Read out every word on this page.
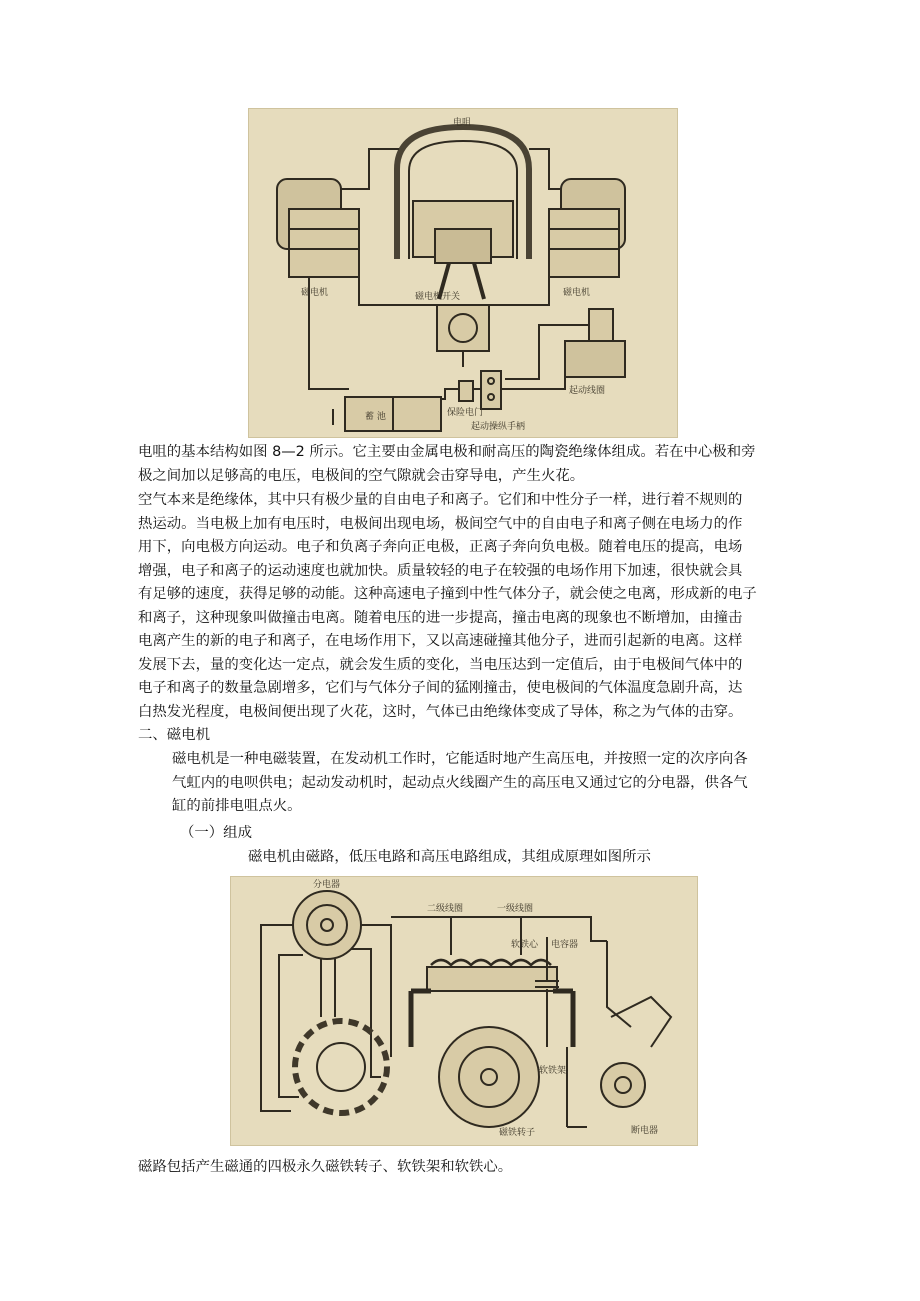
电咀
磁电机	磁电机开关	磁电机
起动线圈
蓄 池	保险电门
起动操纵手柄

电咀的基本结构如图 8—2 所示。它主要由金属电极和耐高压的陶瓷绝缘体组成。若在中心极和旁
极之间加以足够高的电压，电极间的空气隙就会击穿导电，产生火花。

空气本来是绝缘体，其中只有极少量的自由电子和离子。它们和中性分子一样，进行着不规则的
热运动。当电极上加有电压时，电极间出现电场，极间空气中的自由电子和离子侧在电场力的作
用下，向电极方向运动。电子和负离子奔向正电极，正离子奔向负电极。随着电压的提高，电场
增强，电子和离子的运动速度也就加快。质量较轻的电子在较强的电场作用下加速，很快就会具
有足够的速度，获得足够的动能。这种高速电子撞到中性气体分子，就会使之电离，形成新的电子
和离子，这种现象叫做撞击电离。随着电压的进一步提高，撞击电离的现象也不断增加，由撞击
电离产生的新的电子和离子，在电场作用下，又以高速碰撞其他分子，进而引起新的电离。这样
发展下去，量的变化达一定点，就会发生质的变化，当电压达到一定值后，由于电极间气体中的
电子和离子的数量急剧增多，它们与气体分子间的猛刚撞击，使电极间的气体温度急剧升高，达
白热发光程度，电极间便出现了火花，这时，气体已由绝缘体变成了导体，称之为气体的击穿。

二、磁电机

磁电机是一种电磁装置，在发动机工作时，它能适时地产生高压电，并按照一定的次序向各
气虹内的电呗供电；起动发动机时，起动点火线圈产生的高压电又通过它的分电器，供各气
缸的前排电咀点火。

（一）组成
磁电机由磁路，低压电路和高压电路组成，其组成原理如图所示
分电器
二级线圈	一级线圈
软铁心 电容器
软铁架
磁铁转子	断电器
磁路包括产生磁通的四极永久磁铁转子、软铁架和软铁心。
